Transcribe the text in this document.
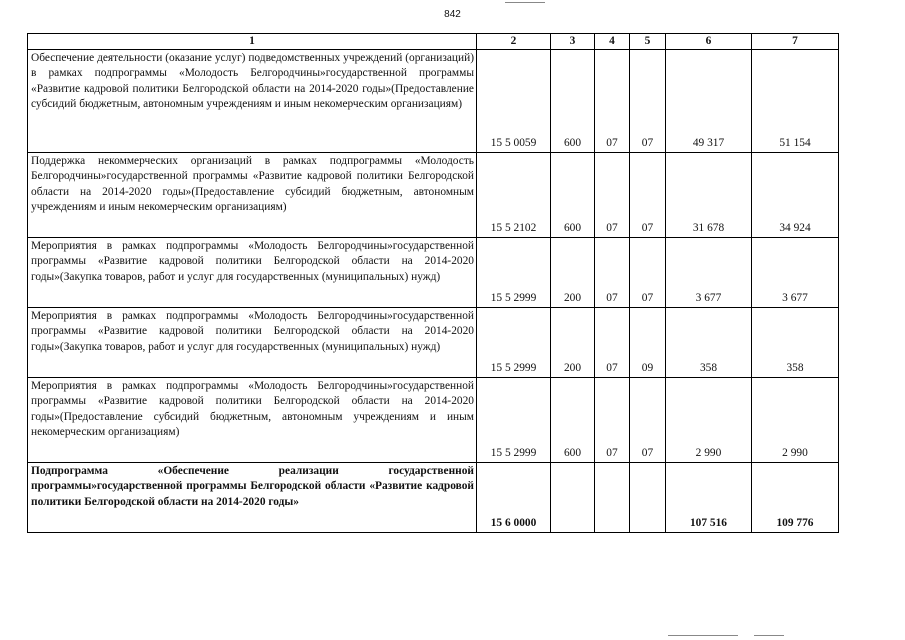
842
1	2	3	4	5	6	7
Обеспечение деятельности (оказание услуг) подведомственных учреждений (организаций) в рамках подпрограммы «Молодость Белгородчины»государственной программы «Развитие кадровой политики Белгородской области на 2014-2020 годы»(Предоставление субсидий бюджетным, автономным учреждениям и иным некомерческим организациям)	15 5 0059	600	07	07	49 317	51 154
Поддержка некоммерческих организаций в рамках подпрограммы «Молодость Белгородчины»государственной программы «Развитие кадровой политики Белгородской области на 2014-2020 годы»(Предоставление субсидий бюджетным, автономным учреждениям и иным некомерческим организациям)	15 5 2102	600	07	07	31 678	34 924
Мероприятия в рамках подпрограммы «Молодость Белгородчины»государственной программы «Развитие кадровой политики Белгородской области на 2014-2020 годы»(Закупка товаров, работ и услуг для государственных (муниципальных) нужд)	15 5 2999	200	07	07	3 677	3 677
Мероприятия в рамках подпрограммы «Молодость Белгородчины»государственной программы «Развитие кадровой политики Белгородской области на 2014-2020 годы»(Закупка товаров, работ и услуг для государственных (муниципальных) нужд)	15 5 2999	200	07	09	358	358
Мероприятия в рамках подпрограммы «Молодость Белгородчины»государственной программы «Развитие кадровой политики Белгородской области на 2014-2020 годы»(Предоставление субсидий бюджетным, автономным учреждениям и иным некомерческим организациям)	15 5 2999	600	07	07	2 990	2 990
Подпрограмма «Обеспечение реализации государственной программы»государственной программы Белгородской области «Развитие кадровой политики Белгородской области на 2014-2020 годы»	15 6 0000				107 516	109 776
